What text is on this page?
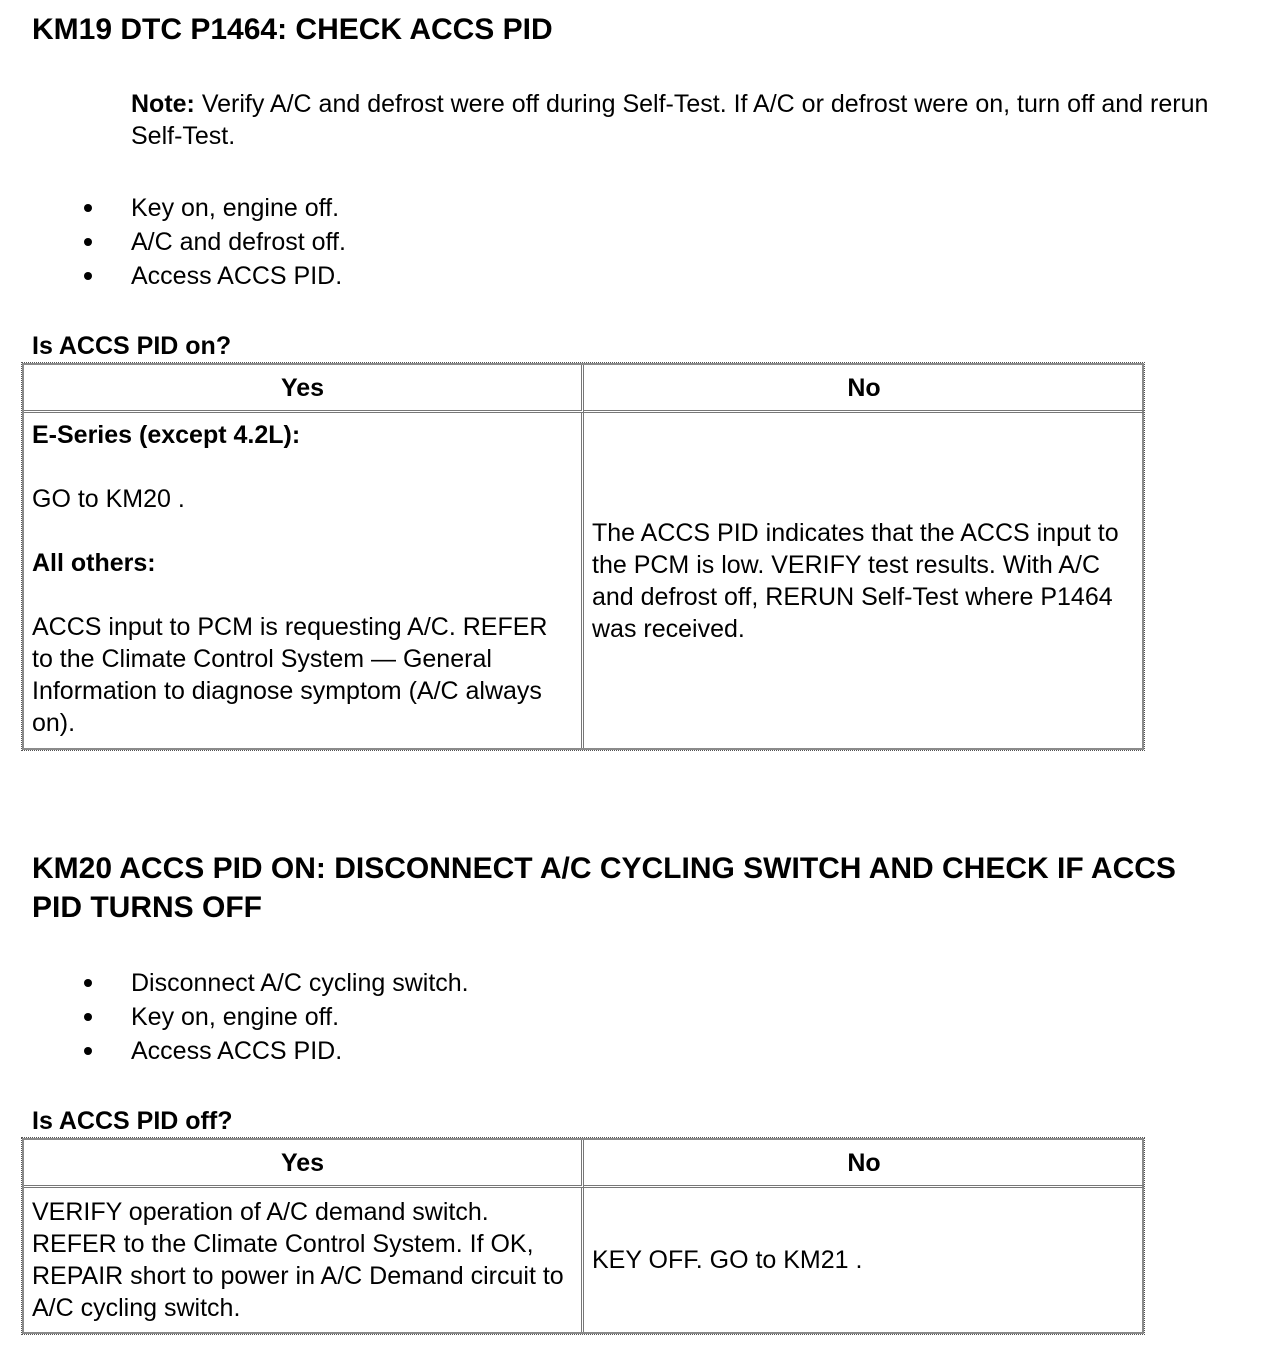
KM19 DTC P1464: CHECK ACCS PID
Note: Verify A/C and defrost were off during Self-Test. If A/C or defrost were on, turn off and rerun Self-Test.
Key on, engine off.
A/C and defrost off.
Access ACCS PID.
Is ACCS PID on?
Yes	No

E-Series (except 4.2L):

GO to KM20 .

All others:

ACCS input to PCM is requesting A/C. REFER to the Climate Control System — General Information to diagnose symptom (A/C always on).

The ACCS PID indicates that the ACCS input to the PCM is low. VERIFY test results. With A/C and defrost off, RERUN Self-Test where P1464 was received.

KM20 ACCS PID ON: DISCONNECT A/C CYCLING SWITCH AND CHECK IF ACCS PID TURNS OFF
Disconnect A/C cycling switch.
Key on, engine off.
Access ACCS PID.
Is ACCS PID off?
Yes	No

VERIFY operation of A/C demand switch. REFER to the Climate Control System. If OK, REPAIR short to power in A/C Demand circuit to A/C cycling switch.

KEY OFF. GO to KM21 .
